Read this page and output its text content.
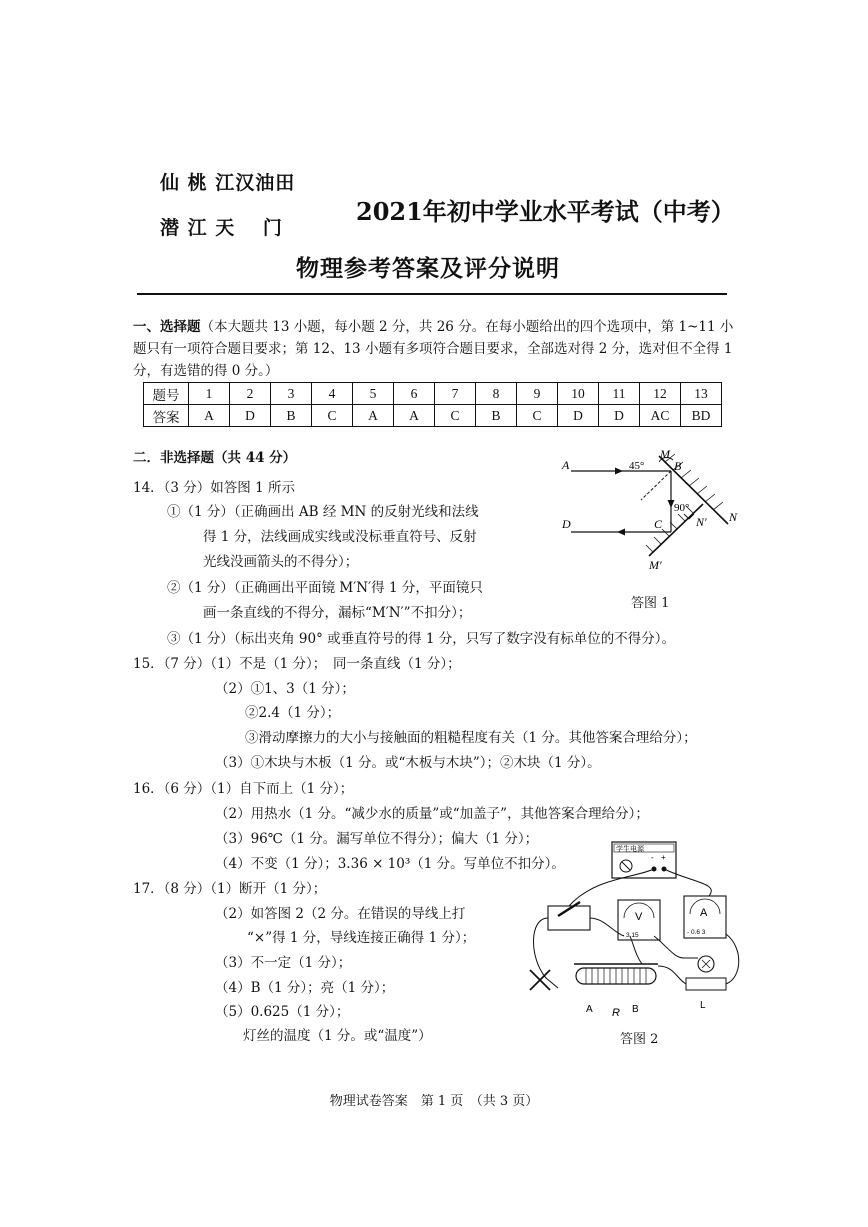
仙 桃 江汉油田
潜 江 天　 门
2021年初中学业水平考试（中考）
物理参考答案及评分说明
一、选择题（本大题共 13 小题，每小题 2 分，共 26 分。在每小题给出的四个选项中，第 1~11 小题只有一项符合题目要求；第 12、13 小题有多项符合题目要求，全部选对得 2 分，选对但不全得 1 分，有选错的得 0 分。）
题号	1	2	3	4	5	6	7	8	9	10	11	12	13
答案	A	D	B	C	A	A	C	B	C	D	D	AC	BD
二．非选择题（共 44 分）
14．（3 分）如答图 1 所示
①（1 分）（正确画出 AB 经 MN 的反射光线和法线
得 1 分，法线画成实线或没标垂直符号、反射
光线没画箭头的不得分）；
②（1 分）（正确画出平面镜 M′N′得 1 分，平面镜只
画一条直线的不得分，漏标“M′N′”不扣分）；
③（1 分）（标出夹角 90° 或垂直符号的得 1 分，只写了数字没有标单位的不得分）。
15．（7 分）（1）不是（1 分）；　同一条直线（1 分）；
（2）①1、3（1 分）；
②2.4（1 分）；
③滑动摩擦力的大小与接触面的粗糙程度有关（1 分。其他答案合理给分）；
（3）①木块与木板（1 分。或“木板与木块”）；②木块（1 分）。
16．（6 分）（1）自下而上（1 分）；
（2）用热水（1 分。“减少水的质量”或“加盖子”，其他答案合理给分）；
（3）96℃（1 分。漏写单位不得分）；偏大（1 分）；
（4）不变（1 分）；3.36 × 10³（1 分。写单位不扣分）。
17．（8 分）（1）断开（1 分）；
（2）如答图 2（2 分。在错误的导线上打
“×”得 1 分，导线连接正确得 1 分）；
（3）不一定（1 分）；
（4）B（1 分）；亮（1 分）；
（5）0.625（1 分）；
灯丝的温度（1 分。或“温度”）
A
D
B
C
M
N
M′
N′
45°
90°
答图 1
学生电源
- +
V
- 3 15
A
- 0.6 3
A R B	L
答图 2
物理试卷答案　第 1 页　（共 3 页）
